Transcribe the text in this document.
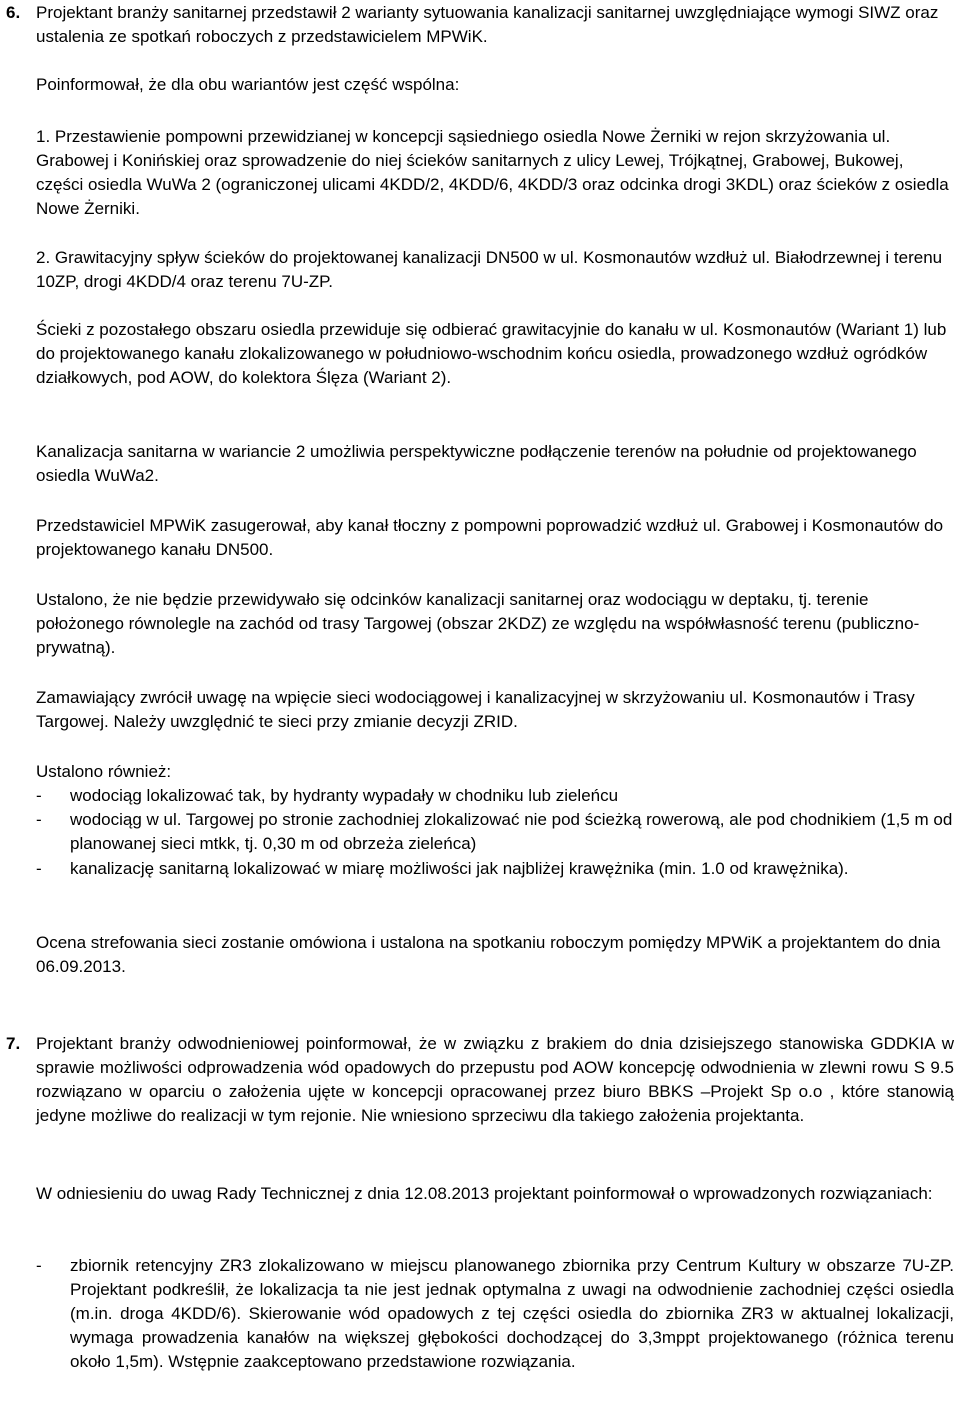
6. Projektant branży sanitarnej przedstawił 2 warianty sytuowania kanalizacji sanitarnej uwzględniające wymogi SIWZ oraz ustalenia ze spotkań roboczych z przedstawicielem MPWiK.

Poinformował, że dla obu wariantów jest część wspólna:

1. Przestawienie pompowni przewidzianej w koncepcji sąsiedniego osiedla Nowe Żerniki w rejon skrzyżowania ul. Grabowej i Konińskiej oraz sprowadzenie do niej ścieków sanitarnych z ulicy Lewej, Trójkątnej, Grabowej, Bukowej, części osiedla WuWa 2 (ograniczonej ulicami 4KDD/2, 4KDD/6, 4KDD/3 oraz odcinka drogi 3KDL) oraz ścieków z osiedla Nowe Żerniki.

2. Grawitacyjny spływ ścieków do projektowanej kanalizacji DN500 w ul. Kosmonautów wzdłuż ul. Białodrzewnej i terenu 10ZP, drogi 4KDD/4 oraz terenu 7U-ZP.

Ścieki z pozostałego obszaru osiedla przewiduje się odbierać grawitacyjnie do kanału w ul. Kosmonautów (Wariant 1) lub do projektowanego kanału zlokalizowanego w południowo-wschodnim końcu osiedla, prowadzonego wzdłuż ogródków działkowych, pod AOW, do kolektora Ślęza (Wariant 2).

Kanalizacja sanitarna w wariancie 2 umożliwia perspektywiczne podłączenie terenów na południe od projektowanego osiedla WuWa2.

Przedstawiciel MPWiK zasugerował, aby kanał tłoczny z pompowni poprowadzić wzdłuż ul. Grabowej i Kosmonautów do projektowanego kanału DN500.

Ustalono, że nie będzie przewidywało się odcinków kanalizacji sanitarnej oraz wodociągu w deptaku, tj. terenie położonego równolegle na zachód od trasy Targowej (obszar 2KDZ) ze względu na współwłasność terenu (publiczno-prywatną).

Zamawiający zwrócił uwagę na wpięcie sieci wodociągowej i kanalizacyjnej w skrzyżowaniu ul. Kosmonautów i Trasy Targowej. Należy uwzględnić te sieci przy zmianie decyzji ZRID.

Ustalono również:

- wodociąg lokalizować tak, by hydranty wypadały w chodniku lub zieleńcu

- wodociąg w ul. Targowej po stronie zachodniej zlokalizować nie pod ścieżką rowerową, ale pod chodnikiem (1,5 m od planowanej sieci mtkk, tj. 0,30 m od obrzeża zieleńca)

- kanalizację sanitarną lokalizować w miarę możliwości jak najbliżej krawężnika (min. 1.0 od krawężnika).

Ocena strefowania sieci zostanie omówiona i ustalona na spotkaniu roboczym pomiędzy MPWiK a projektantem do dnia 06.09.2013.

7. Projektant branży odwodnieniowej poinformował, że w związku z brakiem do dnia dzisiejszego stanowiska GDDKIA w sprawie możliwości odprowadzenia wód opadowych do przepustu pod AOW koncepcję odwodnienia w zlewni rowu S 9.5 rozwiązano w oparciu o założenia ujęte w koncepcji opracowanej przez biuro BBKS –Projekt Sp o.o , które stanowią jedyne możliwe do realizacji w tym rejonie. Nie wniesiono sprzeciwu dla takiego założenia projektanta.

W odniesieniu do uwag Rady Technicznej z dnia 12.08.2013 projektant poinformował o wprowadzonych rozwiązaniach:

- zbiornik retencyjny ZR3 zlokalizowano w miejscu planowanego zbiornika przy Centrum Kultury w obszarze 7U-ZP. Projektant podkreślił, że lokalizacja ta nie jest jednak optymalna z uwagi na odwodnienie zachodniej części osiedla (m.in. droga 4KDD/6). Skierowanie wód opadowych z tej części osiedla do zbiornika ZR3 w aktualnej lokalizacji, wymaga prowadzenia kanałów na większej głębokości dochodzącej do 3,3mppt projektowanego (różnica terenu około 1,5m). Wstępnie zaakceptowano przedstawione rozwiązania.
